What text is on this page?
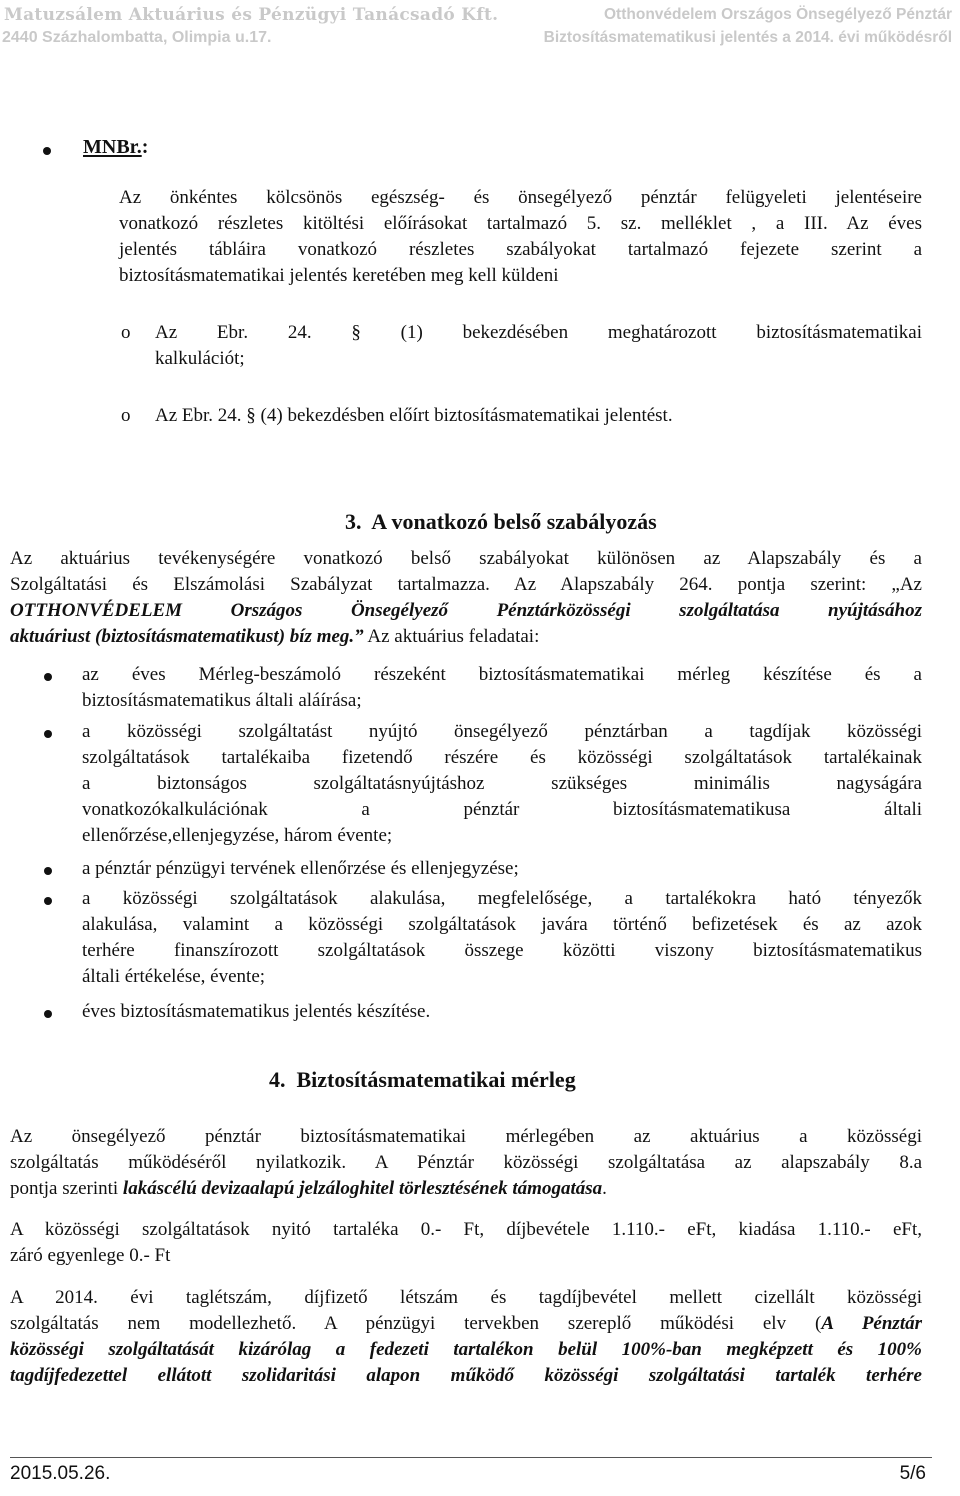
Matuzsálem Aktuárius és Pénzügyi Tanácsadó Kft.
2440 Százhalombatta, Olimpia u.17.
Otthonvédelem Országos Önsegélyező Pénztár
Biztosításmatematikusi jelentés a 2014. évi működésről
MNBr.:
Az önkéntes kölcsönös egészség- és önsegélyező pénztár felügyeleti jelentéseire
vonatkozó részletes kitöltési előírásokat tartalmazó 5. sz. melléklet , a III. Az éves
jelentés tábláira vonatkozó részletes szabályokat tartalmazó fejezete szerint a
biztosításmatematikai jelentés keretében meg kell küldeni
o Az Ebr. 24. § (1) bekezdésében meghatározott biztosításmatematikai
kalkulációt;
o Az Ebr. 24. § (4) bekezdésben előírt biztosításmatematikai jelentést.
3.  A vonatkozó belső szabályozás
Az aktuárius tevékenységére vonatkozó belső szabályokat különösen az Alapszabály és a
Szolgáltatási és Elszámolási Szabályzat tartalmazza. Az Alapszabály 264. pontja szerint: „Az
OTTHONVÉDELEM Országos Önsegélyező Pénztárközösségi szolgáltatása nyújtásához
aktuáriust (biztosításmatematikust) bíz meg.” Az aktuárius feladatai:
az éves Mérleg-beszámoló részeként biztosításmatematikai mérleg készítése és a
biztosításmatematikus általi aláírása;
a közösségi szolgáltatást nyújtó önsegélyező pénztárban a tagdíjak közösségi
szolgáltatások tartalékaiba fizetendő részére és közösségi szolgáltatások tartalékainak
a biztonságos szolgáltatásnyújtáshoz szükséges minimális nagyságára
vonatkozókalkulációnak a pénztár biztosításmatematikusa általi
ellenőrzése,ellenjegyzése, három évente;
a pénztár pénzügyi tervének ellenőrzése és ellenjegyzése;
a közösségi szolgáltatások alakulása, megfelelősége, a tartalékokra ható tényezők
alakulása, valamint a közösségi szolgáltatások javára történő befizetések és az azok
terhére finanszírozott szolgáltatások összege közötti viszony biztosításmatematikus
általi értékelése, évente;
éves biztosításmatematikus jelentés készítése.
4.  Biztosításmatematikai mérleg
Az önsegélyező pénztár biztosításmatematikai mérlegében az aktuárius a közösségi
szolgáltatás működéséről nyilatkozik. A Pénztár közösségi szolgáltatása az alapszabály 8.a
pontja szerinti lakáscélú devizaalapú jelzáloghitel törlesztésének támogatása.
A közösségi szolgáltatások nyitó tartaléka 0.- Ft, díjbevétele 1.110.- eFt, kiadása 1.110.- eFt,
záró egyenlege 0.- Ft
A 2014. évi taglétszám, díjfizető létszám és tagdíjbevétel mellett cizellált közösségi
szolgáltatás nem modellezhető. A pénzügyi tervekben szereplő működési elv (A Pénztár
közösségi szolgáltatását kizárólag a fedezeti tartalékon belül 100%-ban megképzett és 100%
tagdíjfedezettel ellátott szolidaritási alapon működő közösségi szolgáltatási tartalék terhére
2015.05.26.	5/6
